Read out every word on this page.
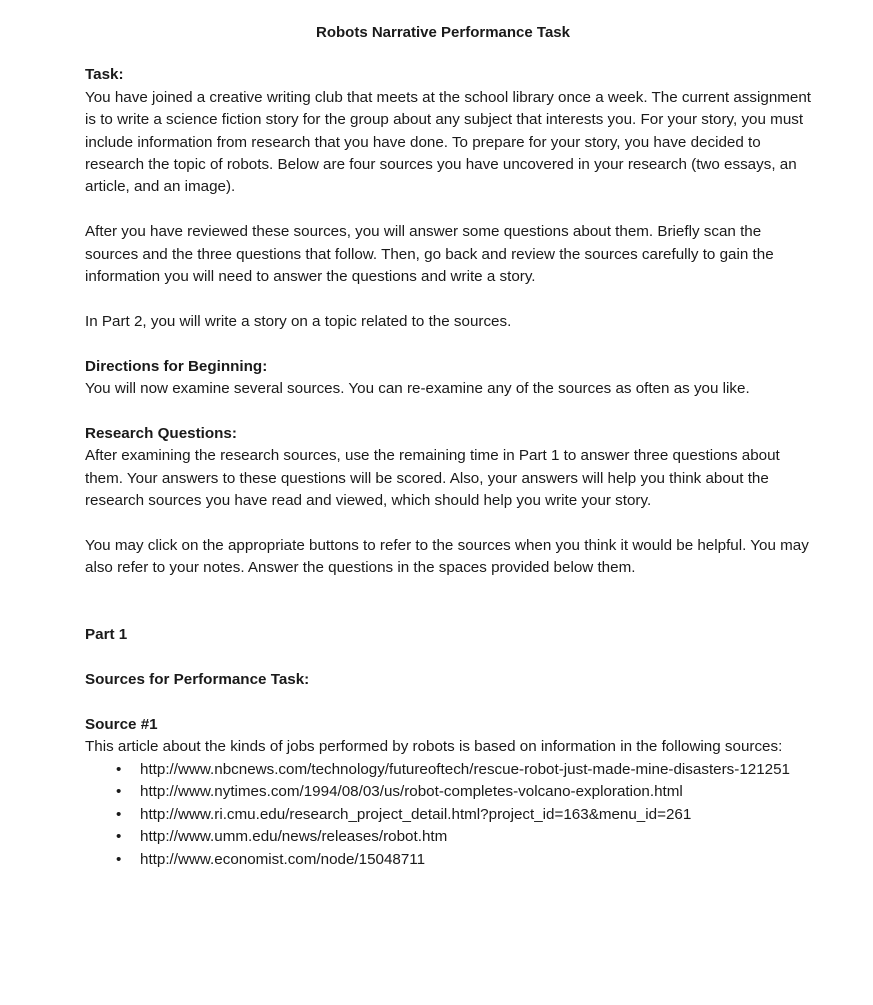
Robots Narrative Performance Task

Task:

You have joined a creative writing club that meets at the school library once a week. The current assignment is to write a science fiction story for the group about any subject that interests you. For your story, you must include information from research that you have done. To prepare for your story, you have decided to research the topic of robots. Below are four sources you have uncovered in your research (two essays, an article, and an image).

After you have reviewed these sources, you will answer some questions about them. Briefly scan the sources and the three questions that follow. Then, go back and review the sources carefully to gain the information you will need to answer the questions and write a story.

In Part 2, you will write a story on a topic related to the sources.

Directions for Beginning:

You will now examine several sources. You can re-examine any of the sources as often as you like.

Research Questions:

After examining the research sources, use the remaining time in Part 1 to answer three questions about them. Your answers to these questions will be scored. Also, your answers will help you think about the research sources you have read and viewed, which should help you write your story.

You may click on the appropriate buttons to refer to the sources when you think it would be helpful. You may also refer to your notes. Answer the questions in the spaces provided below them.

Part 1

Sources for Performance Task:

Source #1

This article about the kinds of jobs performed by robots is based on information in the following sources:

• http://www.nbcnews.com/technology/futureoftech/rescue-robot-just-made-mine-disasters-121251
• http://www.nytimes.com/1994/08/03/us/robot-completes-volcano-exploration.html
• http://www.ri.cmu.edu/research_project_detail.html?project_id=163&menu_id=261
• http://www.umm.edu/news/releases/robot.htm
• http://www.economist.com/node/15048711
